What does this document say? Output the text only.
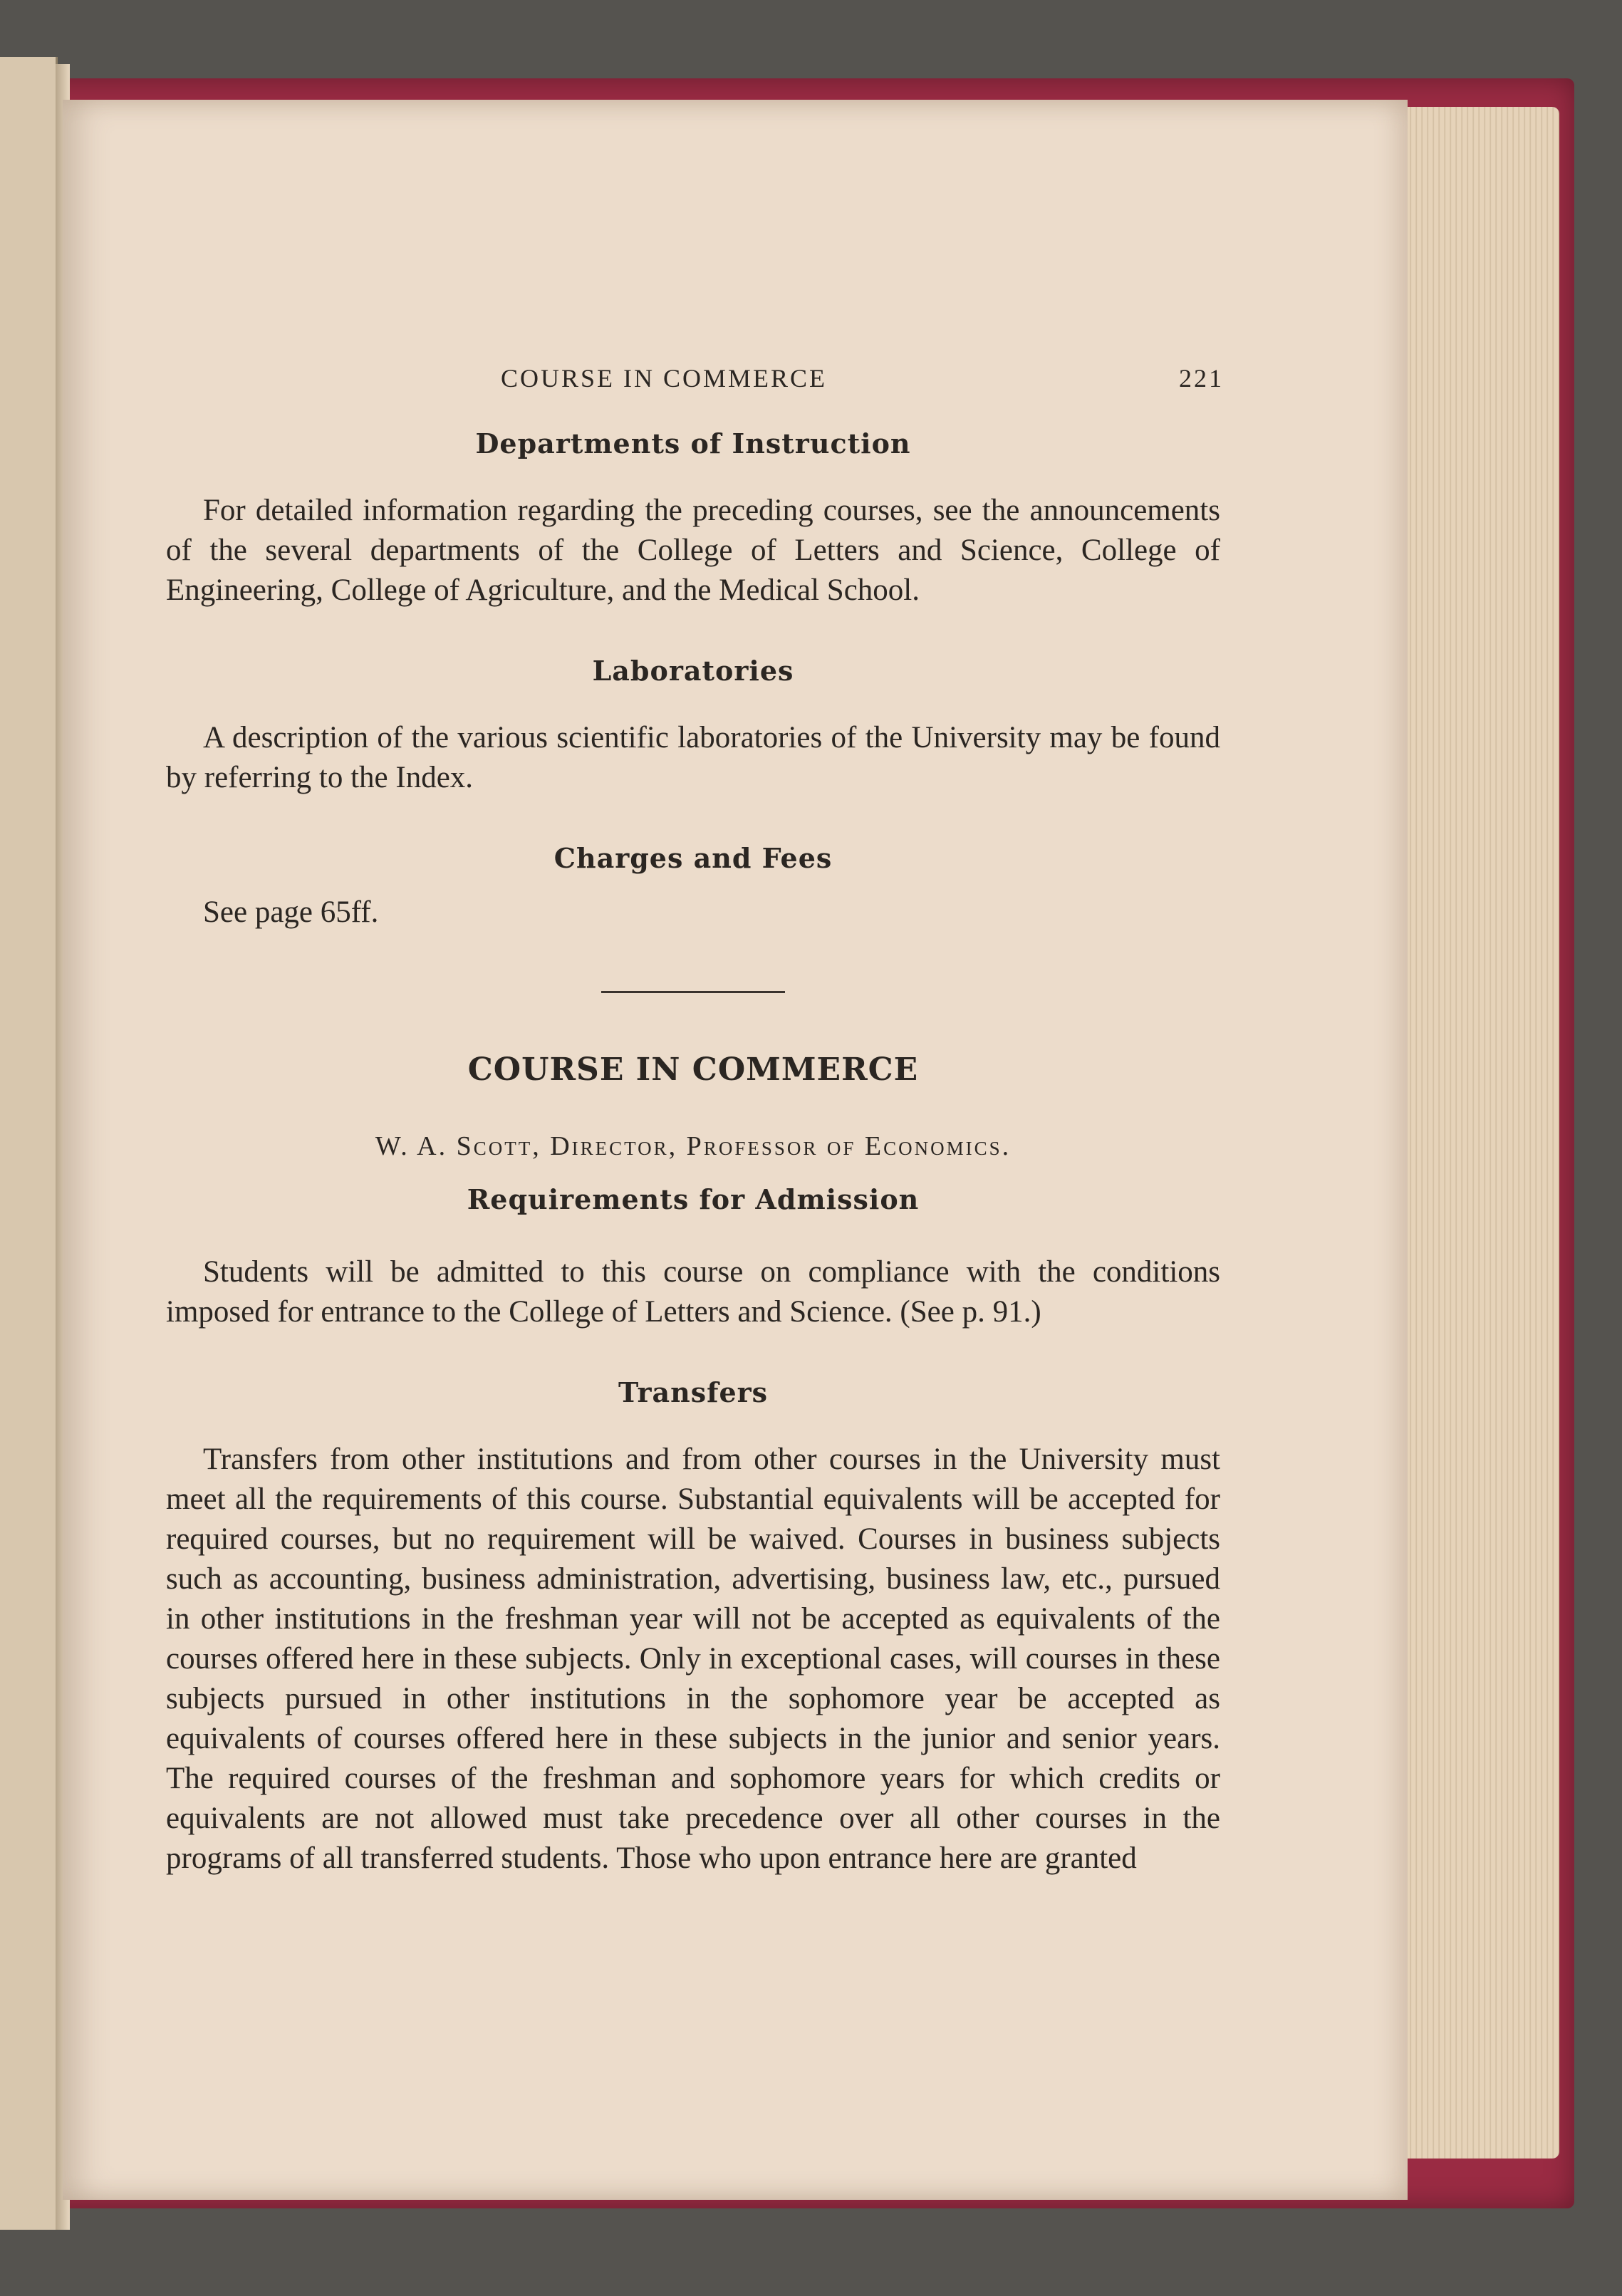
COURSE IN COMMERCE	221
Departments of Instruction

For detailed information regarding the preceding courses, see the announcements of the several departments of the College of Letters and Science, College of Engineering, College of Agriculture, and the Medical School.

Laboratories

A description of the various scientific laboratories of the University may be found by referring to the Index.

Charges and Fees

See page 65ff.

COURSE IN COMMERCE
W. A. Scott, Director, Professor of Economics.
Requirements for Admission

Students will be admitted to this course on compliance with the conditions imposed for entrance to the College of Letters and Science. (See p. 91.)

Transfers

Transfers from other institutions and from other courses in the University must meet all the requirements of this course. Substantial equivalents will be accepted for required courses, but no requirement will be waived. Courses in business subjects such as accounting, business administration, advertising, business law, etc., pursued in other institutions in the freshman year will not be accepted as equivalents of the courses offered here in these subjects. Only in exceptional cases, will courses in these subjects pursued in other institutions in the sophomore year be accepted as equivalents of courses offered here in these subjects in the junior and senior years. The required courses of the freshman and sophomore years for which credits or equivalents are not allowed must take precedence over all other courses in the programs of all transferred students. Those who upon entrance here are granted
